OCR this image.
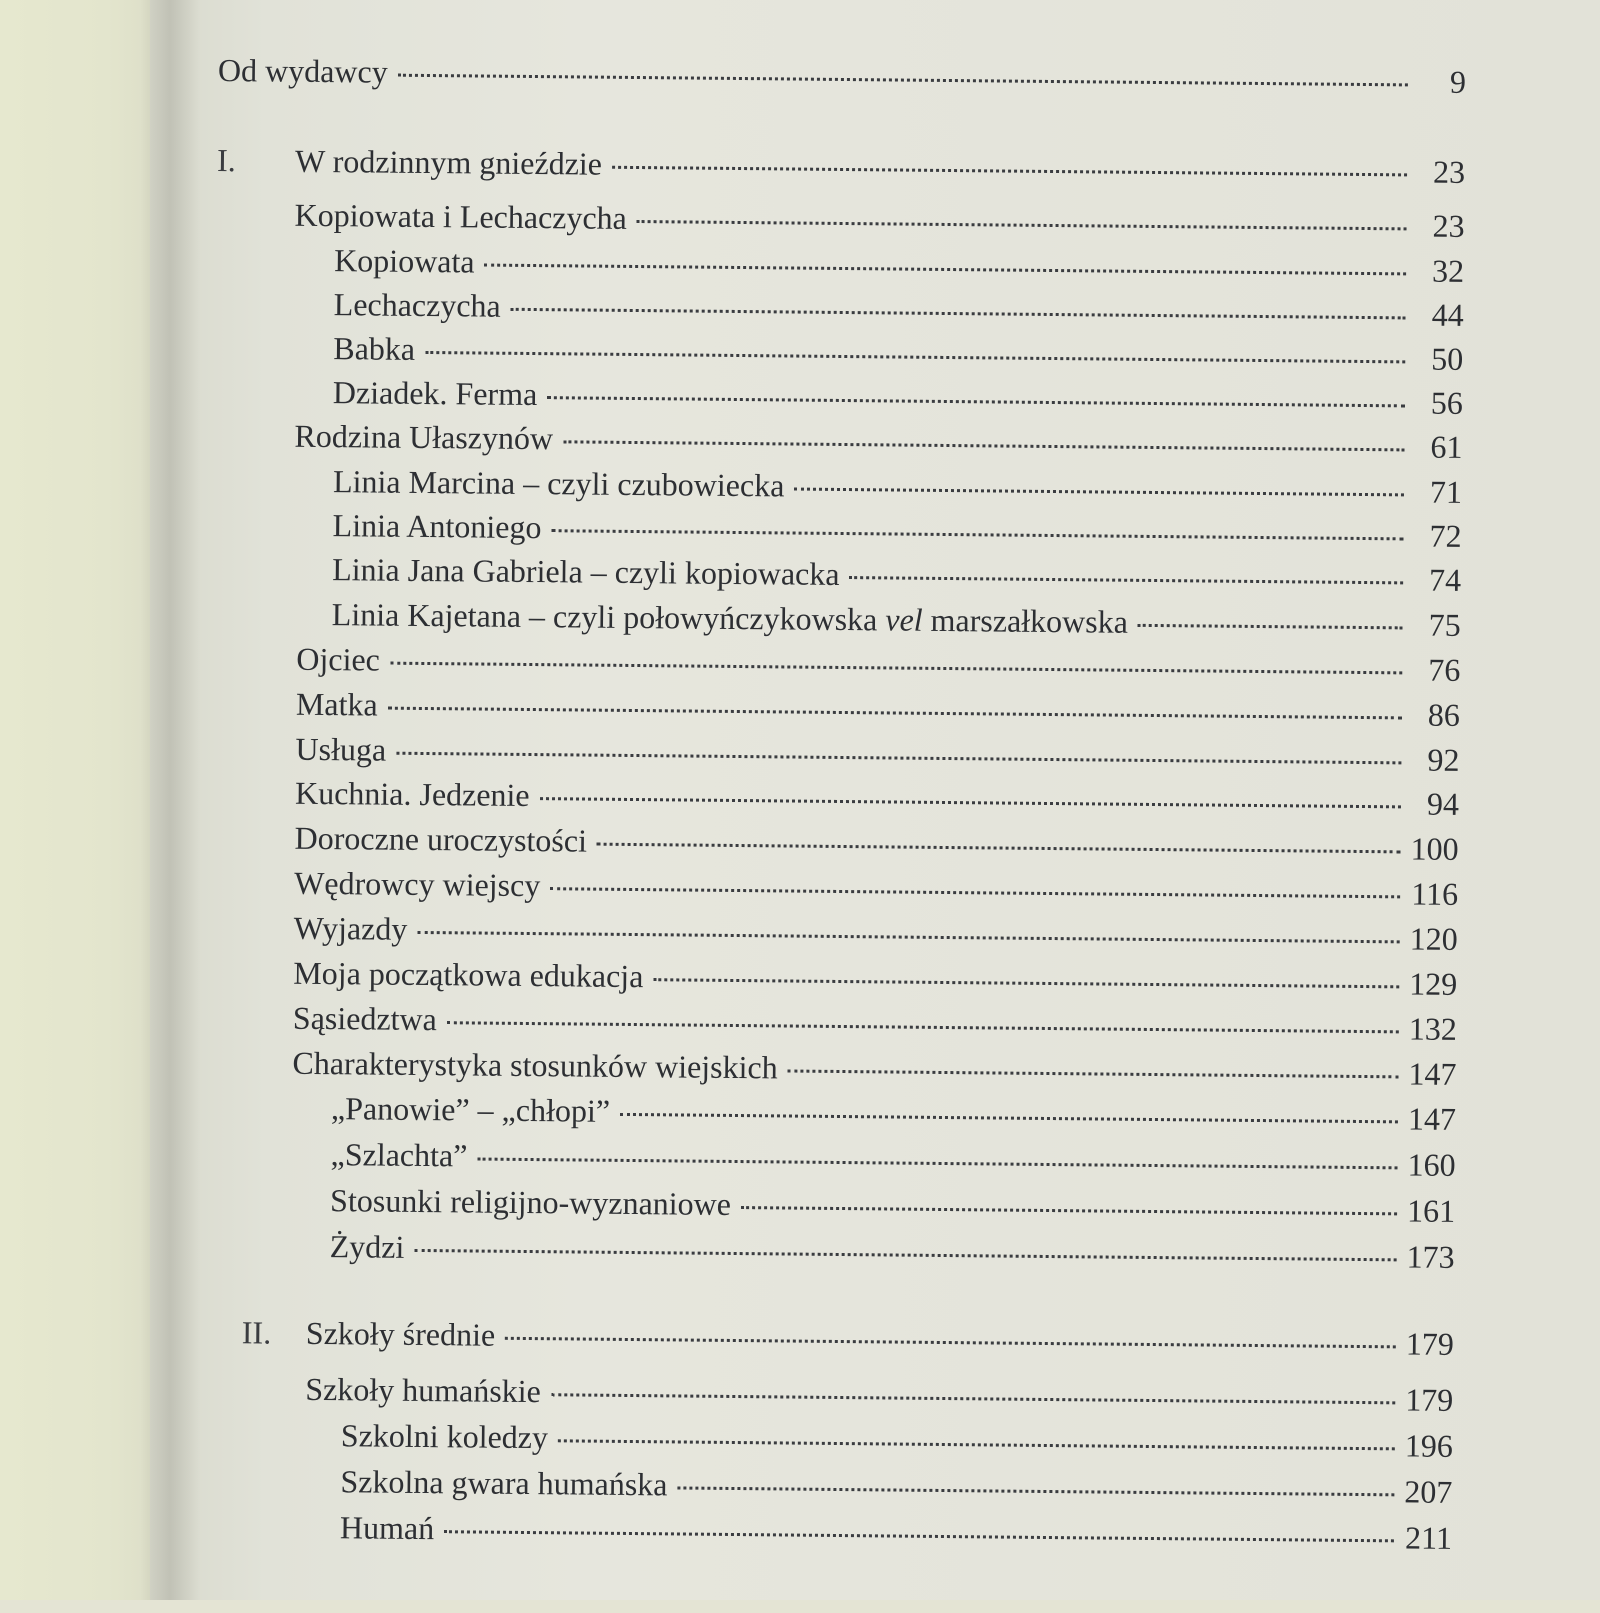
Od wydawcy	9
I.	W rodzinnym gnieździe	23
Kopiowata i Lechaczycha	23
Kopiowata	32
Lechaczycha	44
Babka	50
Dziadek. Ferma	56
Rodzina Ułaszynów	61
Linia Marcina – czyli czubowiecka	71
Linia Antoniego	72
Linia Jana Gabriela – czyli kopiowacka	74
Linia Kajetana – czyli połowyńczykowska vel marszałkowska	75
Ojciec	76
Matka	86
Usługa	92
Kuchnia. Jedzenie	94
Doroczne uroczystości	100
Wędrowcy wiejscy	116
Wyjazdy	120
Moja początkowa edukacja	129
Sąsiedztwa	132
Charakterystyka stosunków wiejskich	147
„Panowie” – „chłopi”	147
„Szlachta”	160
Stosunki religijno-wyznaniowe	161
Żydzi	173
II.	Szkoły średnie	179
Szkoły humańskie	179
Szkolni koledzy	196
Szkolna gwara humańska	207
Humań	211
